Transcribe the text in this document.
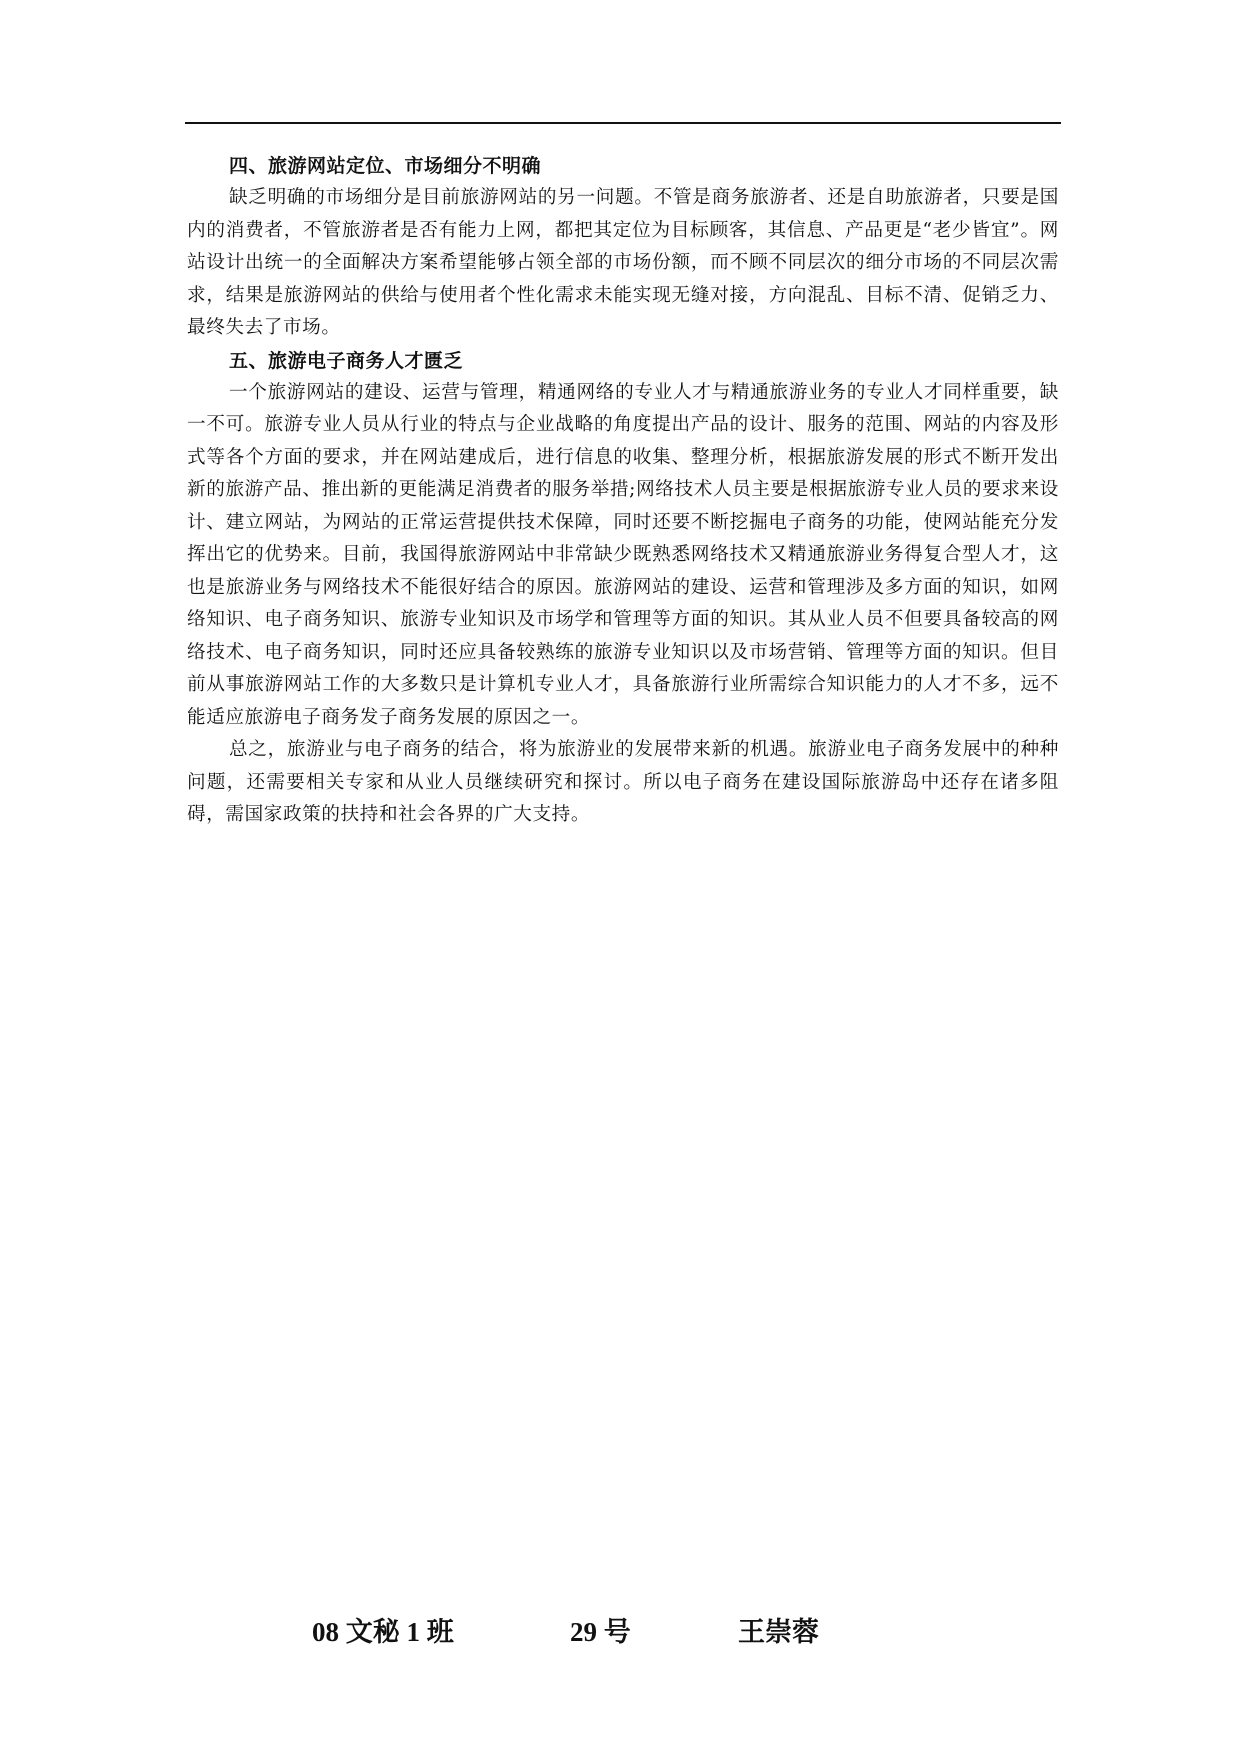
四、旅游网站定位、市场细分不明确

缺乏明确的市场细分是目前旅游网站的另一问题。不管是商务旅游者、还是自助旅游者，只要是国内的消费者，不管旅游者是否有能力上网，都把其定位为目标顾客，其信息、产品更是“老少皆宜”。网站设计出统一的全面解决方案希望能够占领全部的市场份额，而不顾不同层次的细分市场的不同层次需求，结果是旅游网站的供给与使用者个性化需求未能实现无缝对接，方向混乱、目标不清、促销乏力、最终失去了市场。

五、旅游电子商务人才匮乏

一个旅游网站的建设、运营与管理，精通网络的专业人才与精通旅游业务的专业人才同样重要，缺一不可。旅游专业人员从行业的特点与企业战略的角度提出产品的设计、服务的范围、网站的内容及形式等各个方面的要求，并在网站建成后，进行信息的收集、整理分析，根据旅游发展的形式不断开发出新的旅游产品、推出新的更能满足消费者的服务举措;网络技术人员主要是根据旅游专业人员的要求来设计、建立网站，为网站的正常运营提供技术保障，同时还要不断挖掘电子商务的功能，使网站能充分发挥出它的优势来。目前，我国得旅游网站中非常缺少既熟悉网络技术又精通旅游业务得复合型人才，这也是旅游业务与网络技术不能很好结合的原因。旅游网站的建设、运营和管理涉及多方面的知识，如网络知识、电子商务知识、旅游专业知识及市场学和管理等方面的知识。其从业人员不但要具备较高的网络技术、电子商务知识，同时还应具备较熟练的旅游专业知识以及市场营销、管理等方面的知识。但目前从事旅游网站工作的大多数只是计算机专业人才，具备旅游行业所需综合知识能力的人才不多，远不能适应旅游电子商务发子商务发展的原因之一。

总之，旅游业与电子商务的结合，将为旅游业的发展带来新的机遇。旅游业电子商务发展中的种种问题，还需要相关专家和从业人员继续研究和探讨。所以电子商务在建设国际旅游岛中还存在诸多阻碍，需国家政策的扶持和社会各界的广大支持。

08 文秘 1 班	29 号	王崇蓉
